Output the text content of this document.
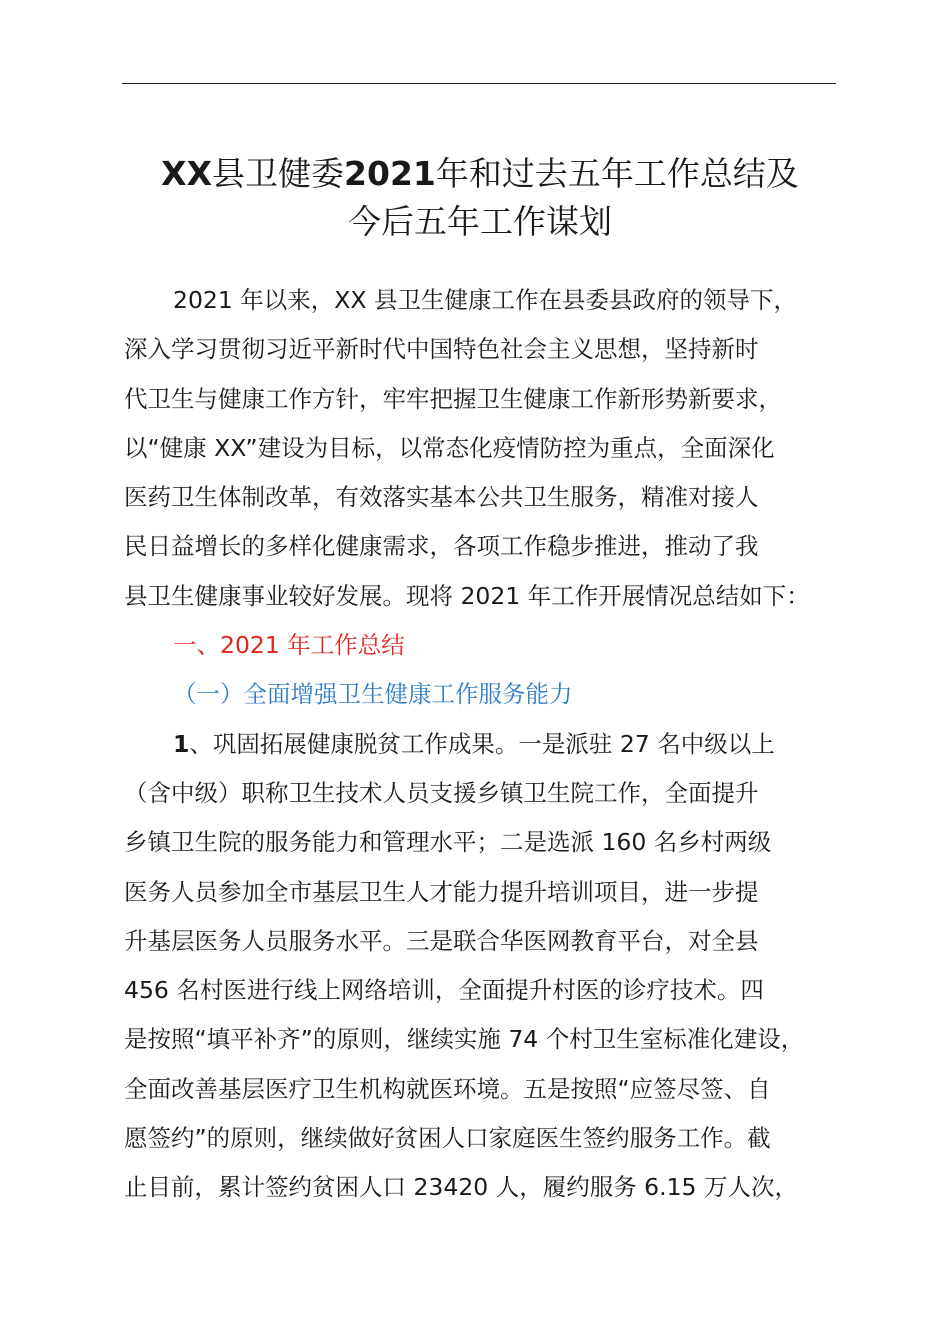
XX县卫健委2021年和过去五年工作总结及
今后五年工作谋划
2021 年以来，XX 县卫生健康工作在县委县政府的领导下，
深入学习贯彻习近平新时代中国特色社会主义思想，坚持新时
代卫生与健康工作方针，牢牢把握卫生健康工作新形势新要求，
以“健康 XX”建设为目标，以常态化疫情防控为重点，全面深化
医药卫生体制改革，有效落实基本公共卫生服务，精准对接人
民日益增长的多样化健康需求，各项工作稳步推进，推动了我
县卫生健康事业较好发展。现将 2021 年工作开展情况总结如下：
一、2021 年工作总结
（一）全面增强卫生健康工作服务能力
1、巩固拓展健康脱贫工作成果。一是派驻 27 名中级以上
（含中级）职称卫生技术人员支援乡镇卫生院工作，全面提升
乡镇卫生院的服务能力和管理水平；二是选派 160 名乡村两级
医务人员参加全市基层卫生人才能力提升培训项目，进一步提
升基层医务人员服务水平。三是联合华医网教育平台，对全县
456 名村医进行线上网络培训，全面提升村医的诊疗技术。四
是按照“填平补齐”的原则，继续实施 74 个村卫生室标准化建设，
全面改善基层医疗卫生机构就医环境。五是按照“应签尽签、自
愿签约”的原则，继续做好贫困人口家庭医生签约服务工作。截
止目前，累计签约贫困人口 23420 人，履约服务 6.15 万人次，
